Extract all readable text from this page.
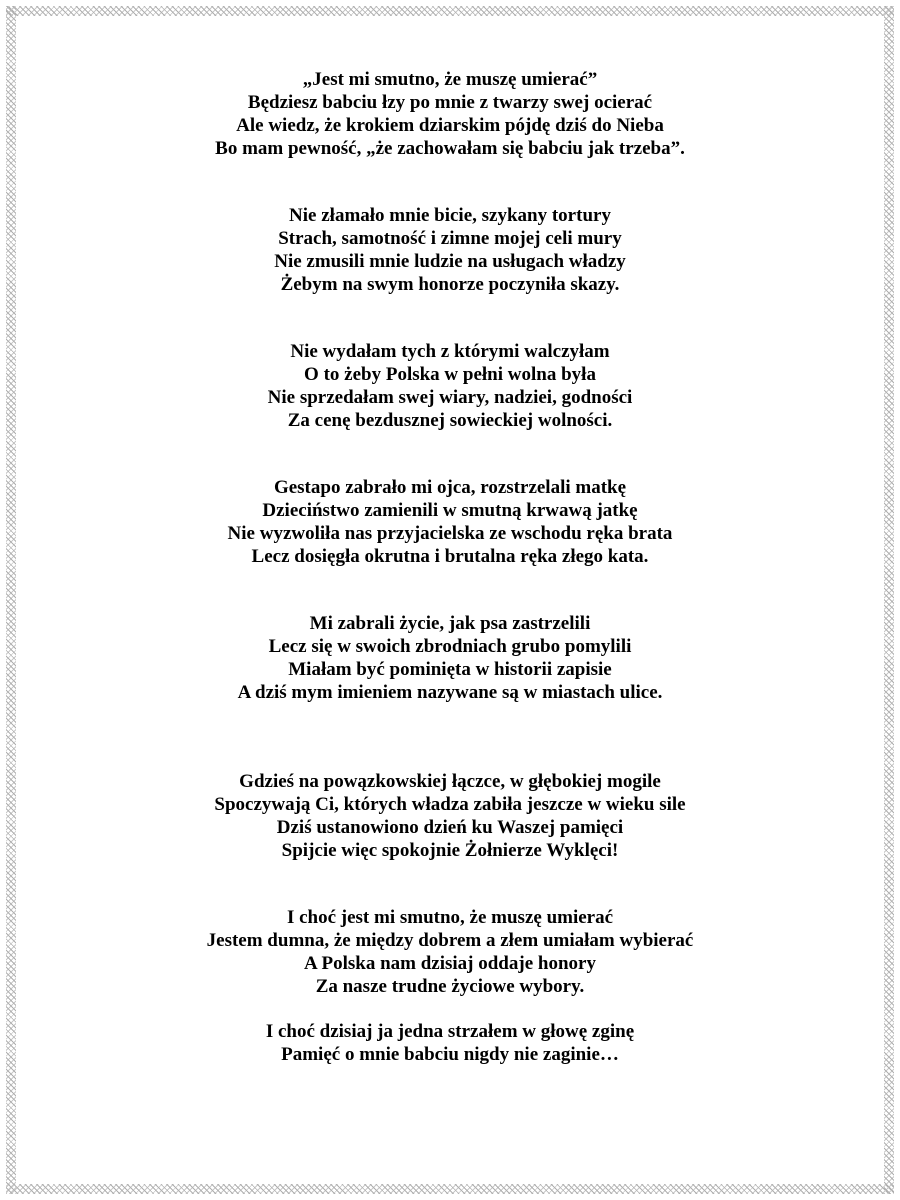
„Jest mi smutno, że muszę umierać”
Będziesz babciu łzy po mnie z twarzy swej ocierać
Ale wiedz, że krokiem dziarskim pójdę dziś do Nieba
Bo mam pewność, „że zachowałam się babciu jak trzeba”.
Nie złamało mnie bicie, szykany tortury
Strach, samotność i zimne mojej celi mury
Nie zmusili mnie ludzie na usługach władzy
Żebym na swym honorze poczyniła skazy.
Nie wydałam tych z którymi walczyłam
O to żeby Polska w pełni wolna była
Nie sprzedałam swej wiary, nadziei, godności
Za cenę bezdusznej sowieckiej wolności.
Gestapo zabrało mi ojca, rozstrzelali matkę
Dzieciństwo zamienili w smutną krwawą jatkę
Nie wyzwoliła nas przyjacielska ze wschodu ręka brata
Lecz dosięgła okrutna i brutalna ręka złego kata.
Mi zabrali życie, jak psa zastrzelili
Lecz się w swoich zbrodniach grubo pomylili
Miałam być pominięta w historii zapisie
A dziś mym imieniem nazywane są w miastach ulice.
Gdzieś na powązkowskiej łączce, w głębokiej mogile
Spoczywają Ci, których władza zabiła jeszcze w wieku sile
Dziś ustanowiono dzień ku Waszej pamięci
Spijcie więc spokojnie Żołnierze Wyklęci!
I choć jest mi smutno, że muszę umierać
Jestem dumna, że między dobrem a złem umiałam wybierać
A Polska nam dzisiaj oddaje honory
Za nasze trudne życiowe wybory.
I choć dzisiaj ja jedna strzałem w głowę zginę
Pamięć o mnie babciu nigdy nie zaginie…
